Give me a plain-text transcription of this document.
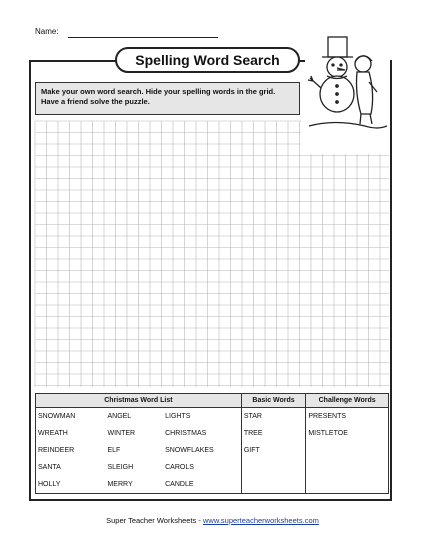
Name:
Spelling Word Search
Make your own word search. Hide your spelling words in the grid. Have a friend solve the puzzle.
Christmas Word List			Basic Words	Challenge Words
SNOWMAN	ANGEL	LIGHTS	STAR	PRESENTS
WREATH	WINTER	CHRISTMAS	TREE	MISTLETOE
REINDEER	ELF	SNOWFLAKES	GIFT	
SANTA	SLEIGH	CAROLS		
HOLLY	MERRY	CANDLE		
Super Teacher Worksheets - www.superteacherworksheets.com
